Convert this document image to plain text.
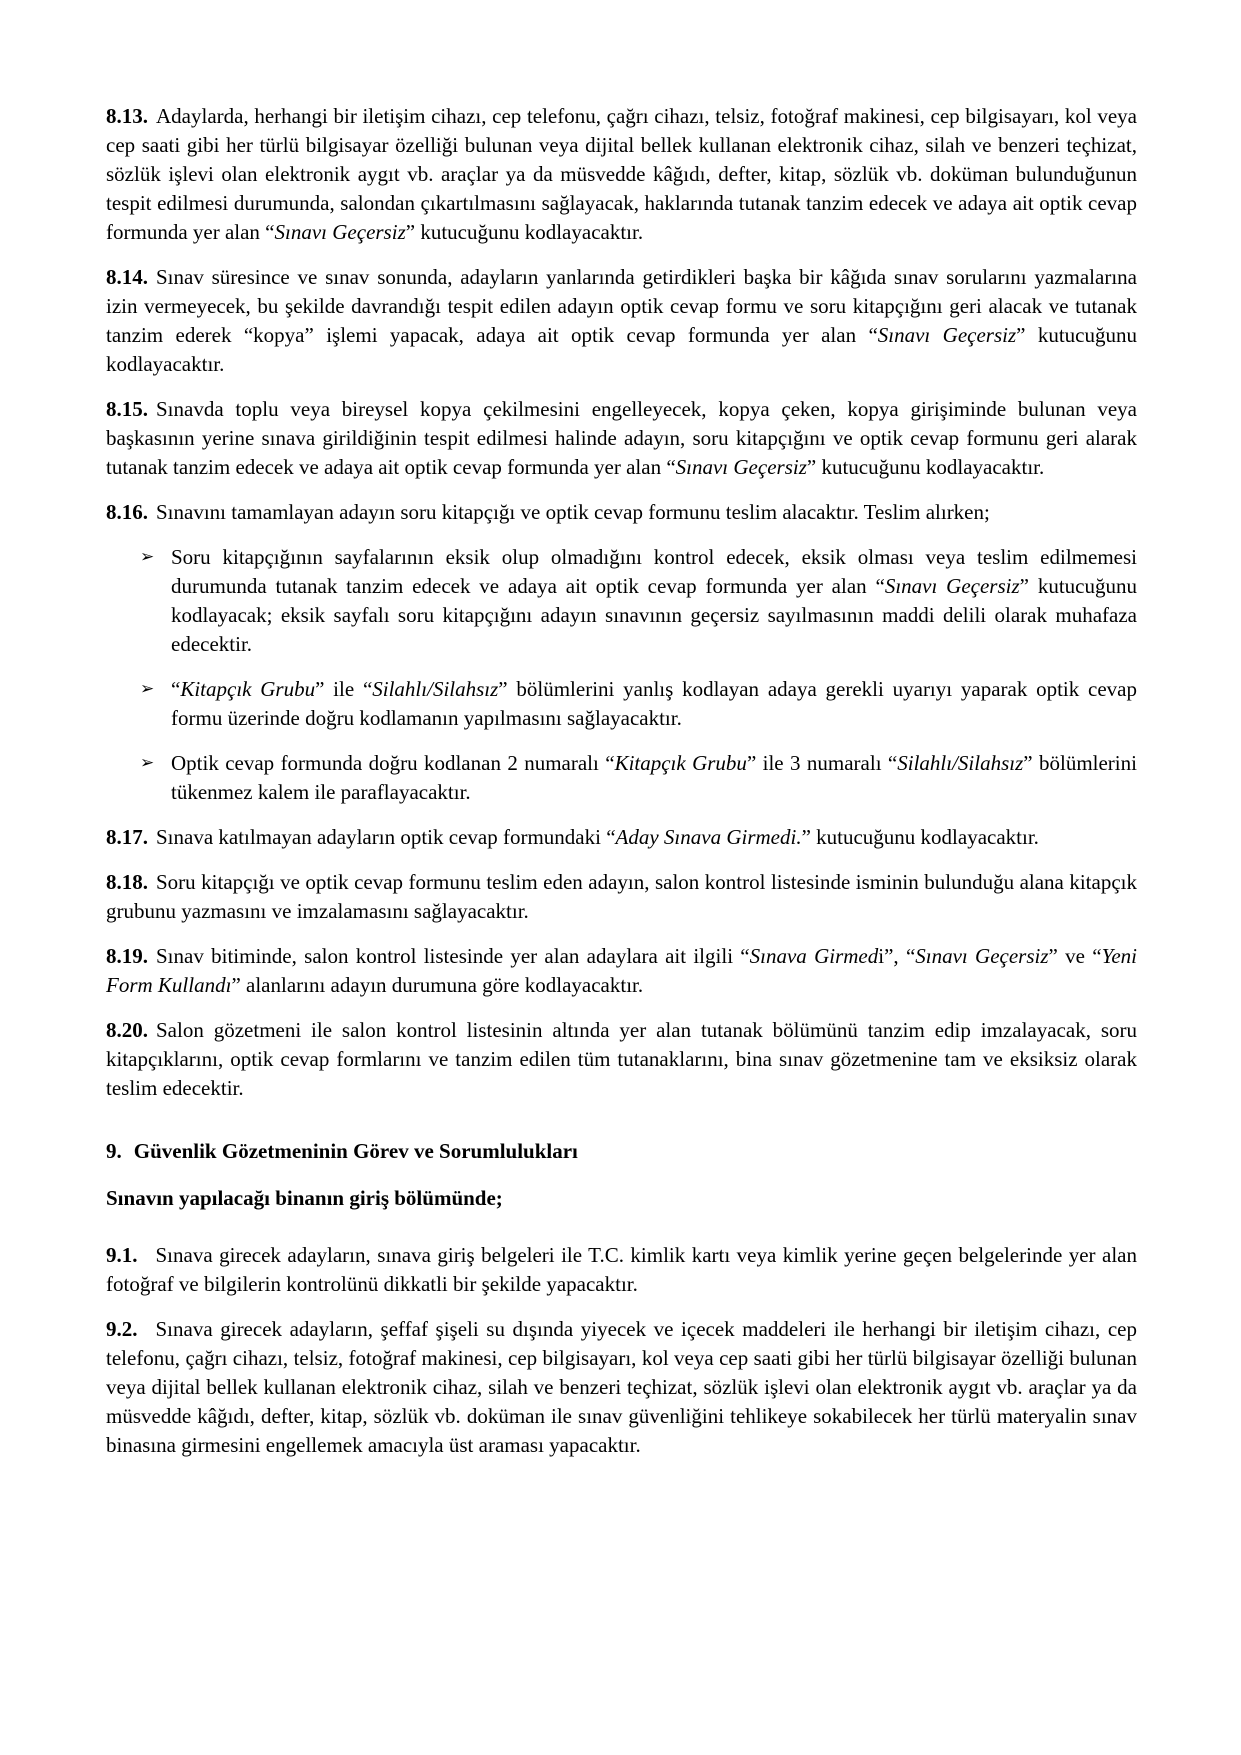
8.13. Adaylarda, herhangi bir iletişim cihazı, cep telefonu, çağrı cihazı, telsiz, fotoğraf makinesi, cep bilgisayarı, kol veya cep saati gibi her türlü bilgisayar özelliği bulunan veya dijital bellek kullanan elektronik cihaz, silah ve benzeri teçhizat, sözlük işlevi olan elektronik aygıt vb. araçlar ya da müsvedde kâğıdı, defter, kitap, sözlük vb. doküman bulunduğunun tespit edilmesi durumunda, salondan çıkartılmasını sağlayacak, haklarında tutanak tanzim edecek ve adaya ait optik cevap formunda yer alan “Sınavı Geçersiz” kutucuğunu kodlayacaktır.

8.14. Sınav süresince ve sınav sonunda, adayların yanlarında getirdikleri başka bir kâğıda sınav sorularını yazmalarına izin vermeyecek, bu şekilde davrandığı tespit edilen adayın optik cevap formu ve soru kitapçığını geri alacak ve tutanak tanzim ederek “kopya” işlemi yapacak, adaya ait optik cevap formunda yer alan “Sınavı Geçersiz” kutucuğunu kodlayacaktır.

8.15. Sınavda toplu veya bireysel kopya çekilmesini engelleyecek, kopya çeken, kopya girişiminde bulunan veya başkasının yerine sınava girildiğinin tespit edilmesi halinde adayın, soru kitapçığını ve optik cevap formunu geri alarak tutanak tanzim edecek ve adaya ait optik cevap formunda yer alan “Sınavı Geçersiz” kutucuğunu kodlayacaktır.

8.16. Sınavını tamamlayan adayın soru kitapçığı ve optik cevap formunu teslim alacaktır. Teslim alırken;

➢ Soru kitapçığının sayfalarının eksik olup olmadığını kontrol edecek, eksik olması veya teslim edilmemesi durumunda tutanak tanzim edecek ve adaya ait optik cevap formunda yer alan “Sınavı Geçersiz” kutucuğunu kodlayacak; eksik sayfalı soru kitapçığını adayın sınavının geçersiz sayılmasının maddi delili olarak muhafaza edecektir.
➢ “Kitapçık Grubu” ile “Silahlı/Silahsız” bölümlerini yanlış kodlayan adaya gerekli uyarıyı yaparak optik cevap formu üzerinde doğru kodlamanın yapılmasını sağlayacaktır.
➢ Optik cevap formunda doğru kodlanan 2 numaralı “Kitapçık Grubu” ile 3 numaralı “Silahlı/Silahsız” bölümlerini tükenmez kalem ile paraflayacaktır.

8.17. Sınava katılmayan adayların optik cevap formundaki “Aday Sınava Girmedi.” kutucuğunu kodlayacaktır.

8.18. Soru kitapçığı ve optik cevap formunu teslim eden adayın, salon kontrol listesinde isminin bulunduğu alana kitapçık grubunu yazmasını ve imzalamasını sağlayacaktır.

8.19. Sınav bitiminde, salon kontrol listesinde yer alan adaylara ait ilgili “Sınava Girmedi”, “Sınavı Geçersiz” ve “Yeni Form Kullandı” alanlarını adayın durumuna göre kodlayacaktır.

8.20. Salon gözetmeni ile salon kontrol listesinin altında yer alan tutanak bölümünü tanzim edip imzalayacak, soru kitapçıklarını, optik cevap formlarını ve tanzim edilen tüm tutanaklarını, bina sınav gözetmenine tam ve eksiksiz olarak teslim edecektir.

9. Güvenlik Gözetmeninin Görev ve Sorumlulukları

Sınavın yapılacağı binanın giriş bölümünde;

9.1. Sınava girecek adayların, sınava giriş belgeleri ile T.C. kimlik kartı veya kimlik yerine geçen belgelerinde yer alan fotoğraf ve bilgilerin kontrolünü dikkatli bir şekilde yapacaktır.

9.2. Sınava girecek adayların, şeffaf şişeli su dışında yiyecek ve içecek maddeleri ile herhangi bir iletişim cihazı, cep telefonu, çağrı cihazı, telsiz, fotoğraf makinesi, cep bilgisayarı, kol veya cep saati gibi her türlü bilgisayar özelliği bulunan veya dijital bellek kullanan elektronik cihaz, silah ve benzeri teçhizat, sözlük işlevi olan elektronik aygıt vb. araçlar ya da müsvedde kâğıdı, defter, kitap, sözlük vb. doküman ile sınav güvenliğini tehlikeye sokabilecek her türlü materyalin sınav binasına girmesini engellemek amacıyla üst araması yapacaktır.
